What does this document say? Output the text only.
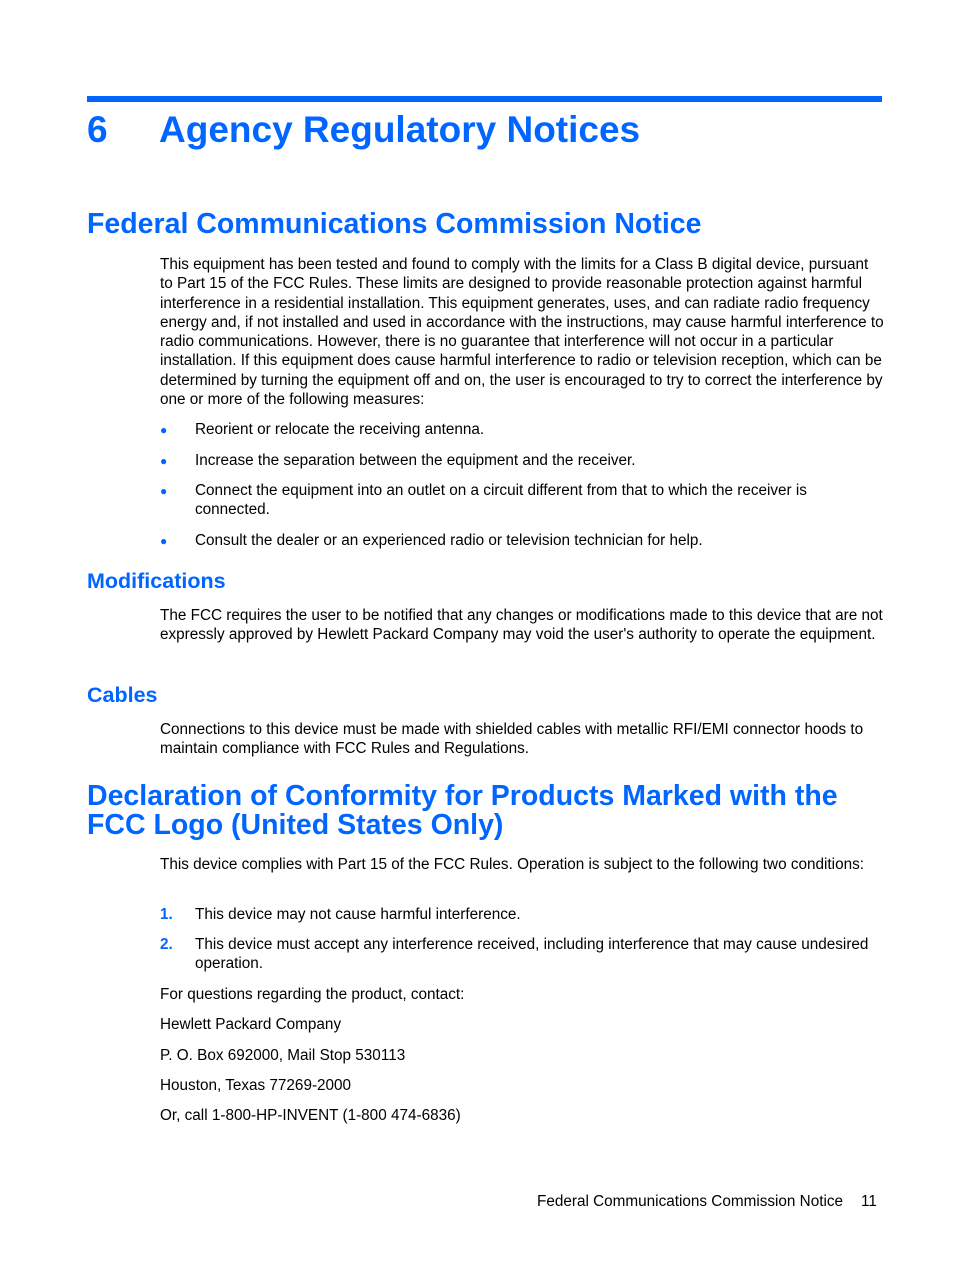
6 Agency Regulatory Notices
Federal Communications Commission Notice

This equipment has been tested and found to comply with the limits for a Class B digital device, pursuant to Part 15 of the FCC Rules. These limits are designed to provide reasonable protection against harmful interference in a residential installation. This equipment generates, uses, and can radiate radio frequency energy and, if not installed and used in accordance with the instructions, may cause harmful interference to radio communications. However, there is no guarantee that interference will not occur in a particular installation. If this equipment does cause harmful interference to radio or television reception, which can be determined by turning the equipment off and on, the user is encouraged to try to correct the interference by one or more of the following measures:

● Reorient or relocate the receiving antenna.

● Increase the separation between the equipment and the receiver.

● Connect the equipment into an outlet on a circuit different from that to which the receiver is connected.

● Consult the dealer or an experienced radio or television technician for help.

Modifications

The FCC requires the user to be notified that any changes or modifications made to this device that are not expressly approved by Hewlett Packard Company may void the user's authority to operate the equipment.

Cables

Connections to this device must be made with shielded cables with metallic RFI/EMI connector hoods to maintain compliance with FCC Rules and Regulations.

Declaration of Conformity for Products Marked with the
FCC Logo (United States Only)

This device complies with Part 15 of the FCC Rules. Operation is subject to the following two conditions:

1. This device may not cause harmful interference.

2. This device must accept any interference received, including interference that may cause undesired operation.

For questions regarding the product, contact:

Hewlett Packard Company

P. O. Box 692000, Mail Stop 530113

Houston, Texas 77269-2000

Or, call 1-800-HP-INVENT (1-800 474-6836)

Federal Communications Commission Notice 11
